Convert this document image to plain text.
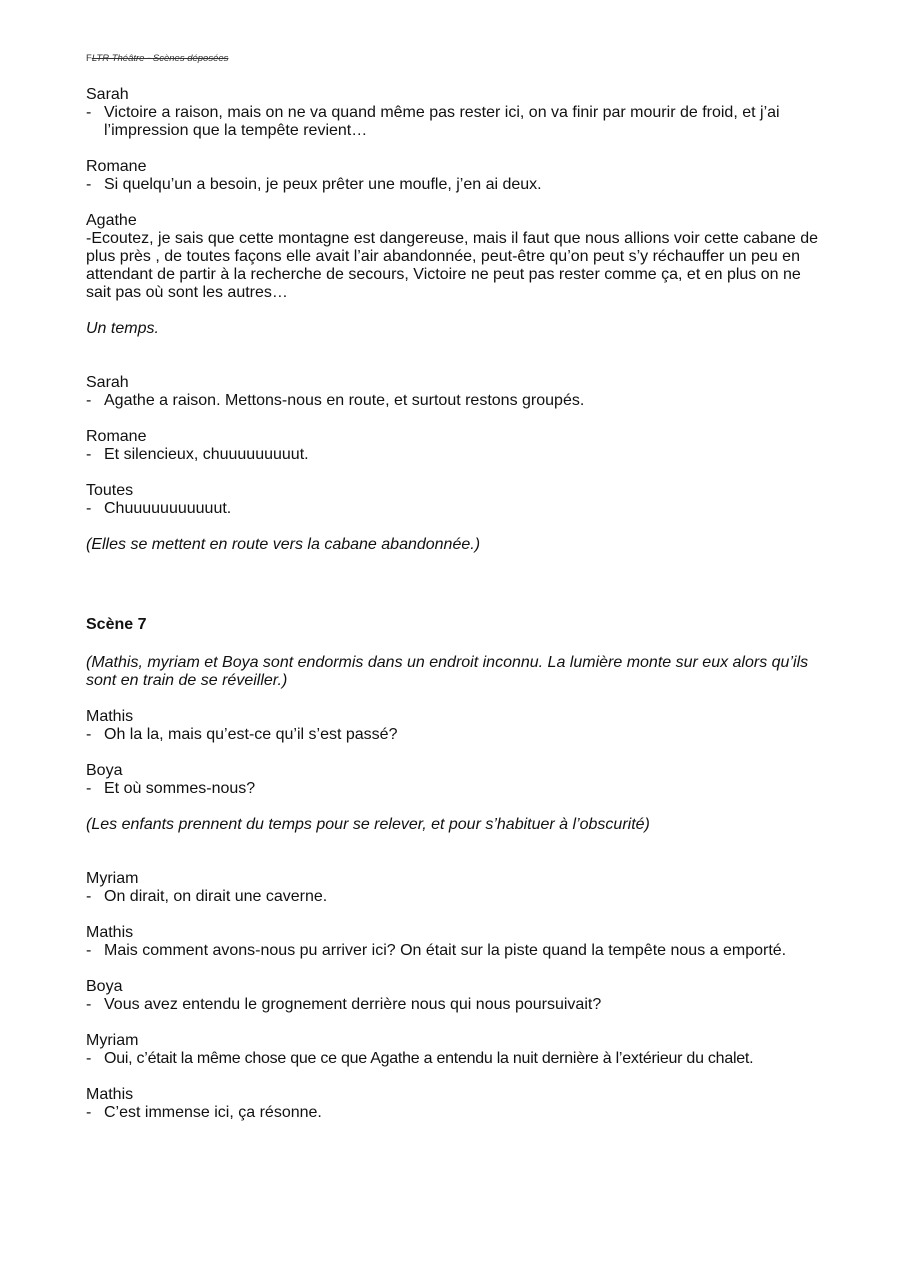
FLTR Théâtre - Scènes déposées
Sarah
- Victoire a raison, mais on ne va quand même pas rester ici, on va finir par mourir de froid, et j’ai l’impression que la tempête revient…
Romane
- Si quelqu’un a besoin, je peux prêter une moufle, j’en ai deux.
Agathe
-Ecoutez, je sais que cette montagne est dangereuse, mais il faut que nous allions voir cette cabane de plus près , de toutes façons elle avait l’air abandonnée, peut-être qu’on peut s’y réchauffer un peu en attendant de partir à la recherche de secours, Victoire ne peut pas rester comme ça, et en plus on ne sait pas où sont les autres…
Un temps.
Sarah
- Agathe a raison. Mettons-nous en route, et surtout restons groupés.
Romane
- Et silencieux, chuuuuuuuuut.
Toutes
- Chuuuuuuuuuuut.
(Elles se mettent en route vers la cabane abandonnée.)
Scène 7
(Mathis, myriam et Boya sont endormis dans un endroit inconnu. La lumière monte sur eux alors qu’ils sont en train de se réveiller.)
Mathis
- Oh la la, mais qu’est-ce qu’il s’est passé?
Boya
- Et où sommes-nous?
(Les enfants prennent du temps pour se relever, et pour s’habituer à l’obscurité)
Myriam
- On dirait, on dirait une caverne.
Mathis
- Mais comment avons-nous pu arriver ici? On était sur la piste quand la tempête nous a emporté.
Boya
- Vous avez entendu le grognement derrière nous qui nous poursuivait?
Myriam
- Oui, c’était la même chose que ce que Agathe a entendu la nuit dernière à l’extérieur du chalet.
Mathis
- C’est immense ici, ça résonne.
